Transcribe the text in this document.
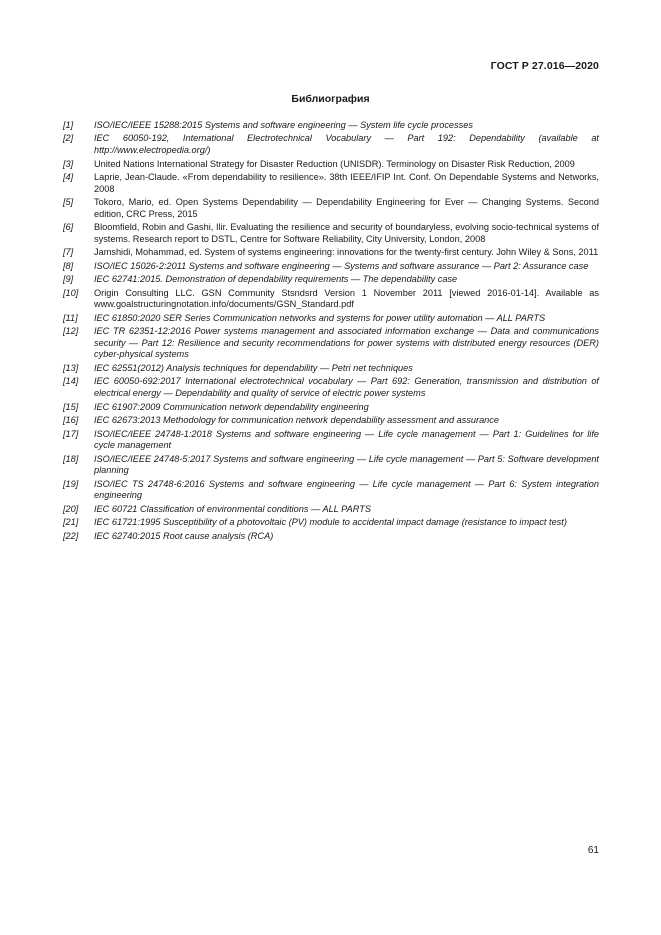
ГОСТ Р 27.016—2020
Библиография
[1]	ISO/IEC/IEEE 15288:2015 Systems and software engineering — System life cycle processes
[2]	IEC 60050-192, International Electrotechnical Vocabulary — Part 192: Dependability (available at http://www.electropedia.org/)
[3]	United Nations International Strategy for Disaster Reduction (UNISDR). Terminology on Disaster Risk Reduction, 2009
[4]	Laprie, Jean-Claude. «From dependability to resilience». 38th IEEE/IFIP Int. Conf. On Dependable Systems and Networks, 2008
[5]	Tokoro, Mario, ed. Open Systems Dependability — Dependability Engineering for Ever — Changing Systems. Second edition, CRC Press, 2015
[6]	Bloomfield, Robin and Gashi, Ilir. Evaluating the resilience and security of boundaryless, evolving socio-technical systems of systems. Research report to DSTL, Centre for Software Reliability, City University, London, 2008
[7]	Jamshidi, Mohammad, ed. System of systems engineering: innovations for the twenty-first century. John Wiley & Sons, 2011
[8]	ISO/IEC 15026-2:2011 Systems and software engineering — Systems and software assurance — Part 2: Assurance case
[9]	IEC 62741:2015. Demonstration of dependability requirements — The dependability case
[10]	Origin Consulting LLC. GSN Community Stsndsrd Version 1 November 2011 [viewed 2016-01-14]. Available as www.goalstructuringnotation.info/documents/GSN_Standard.pdf
[11]	IEC 61850:2020 SER Series Communication networks and systems for power utility automation — ALL PARTS
[12]	IEC TR 62351-12:2016 Power systems management and associated information exchange — Data and communications security — Part 12: Resilience and security recommendations for power systems with distributed energy resources (DER) cyber-physical systems
[13]	IEC 62551(2012) Analysis techniques for dependability — Petri net techniques
[14]	IEC 60050-692:2017 International electrotechnical vocabulary — Part 692: Generation, transmission and distribution of electrical energy — Dependability and quality of service of electric power systems
[15]	IEC 61907:2009 Communication network dependability engineering
[16]	IEC 62673:2013 Methodology for communication network dependability assessment and assurance
[17]	ISO/IEC/IEEE 24748-1:2018 Systems and software engineering — Life cycle management — Part 1: Guidelines for life cycle management
[18]	ISO/IEC/IEEE 24748-5:2017 Systems and software engineering — Life cycle management — Part 5: Software development planning
[19]	ISO/IEC TS 24748-6:2016 Systems and software engineering — Life cycle management — Part 6: System integration engineering
[20]	IEC 60721 Classification of environmental conditions — ALL PARTS
[21]	IEC 61721:1995 Susceptibility of a photovoltaic (PV) module to accidental impact damage (resistance to impact test)
[22]	IEC 62740:2015 Root cause analysis (RCA)
61
